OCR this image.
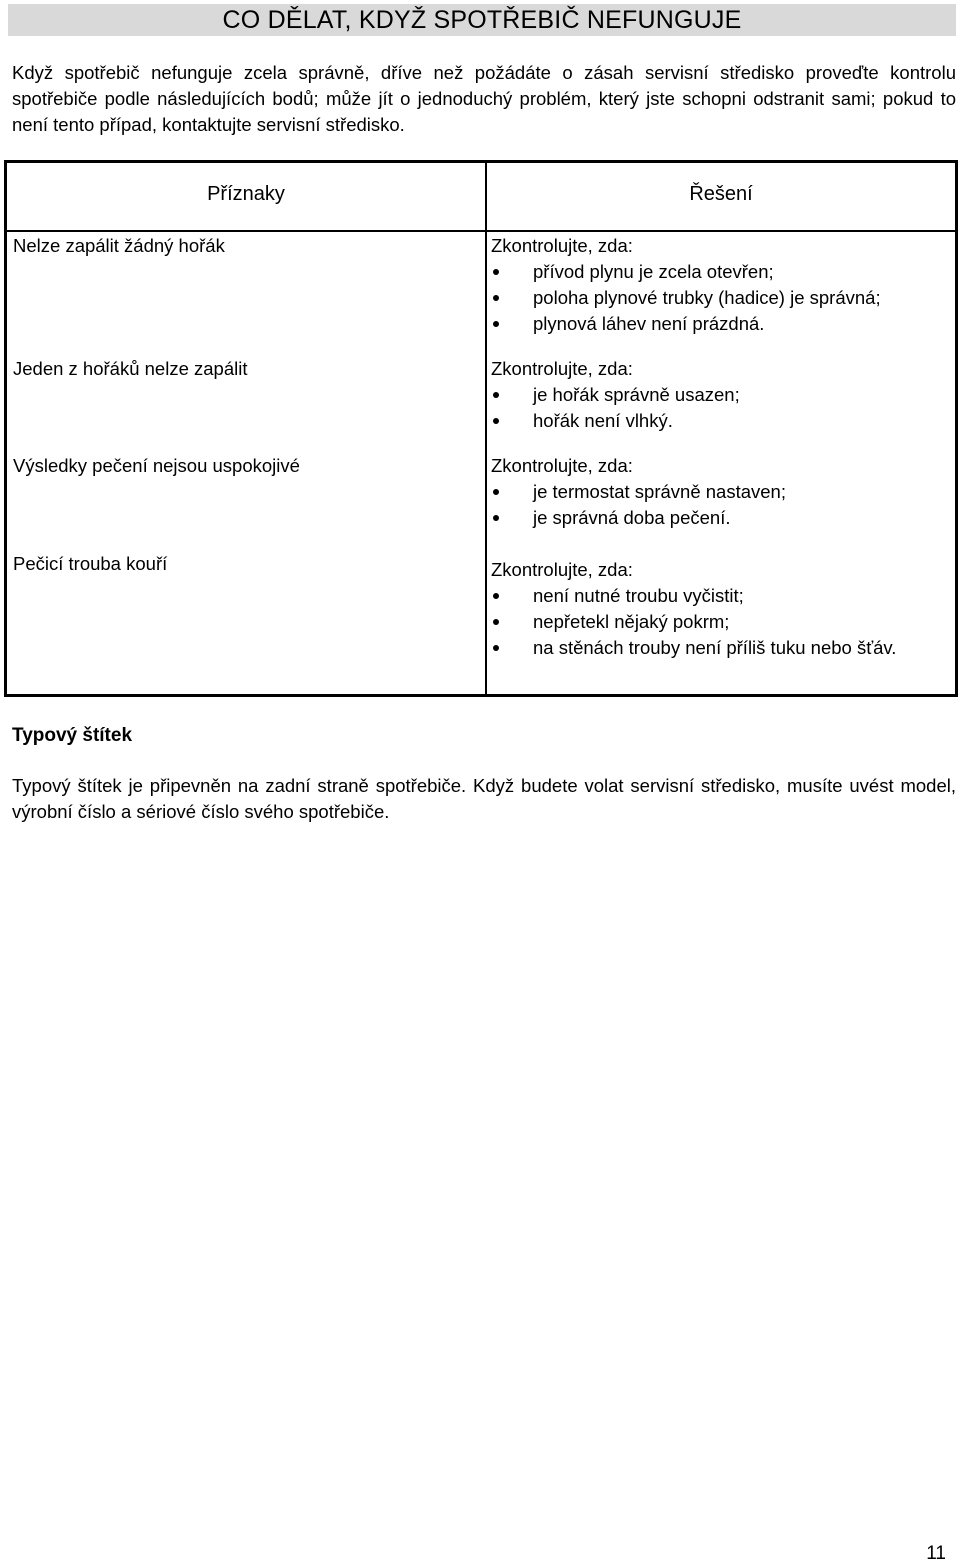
CO DĚLAT, KDYŽ SPOTŘEBIČ NEFUNGUJE

Když spotřebič nefunguje zcela správně, dříve než požádáte o zásah servisní středisko proveďte kontrolu spotřebiče podle následujících bodů; může jít o jednoduchý problém, který jste schopni odstranit sami; pokud to není tento případ, kontaktujte servisní středisko.

Příznaky	Řešení

Nelze zapálit žádný hořák	Zkontrolujte, zda:

přívod plynu je zcela otevřen;
poloha plynové trubky (hadice) je správná;
plynová láhev není prázdná.

Jeden z hořáků nelze zapálit	Zkontrolujte, zda:

je hořák správně usazen;
hořák není vlhký.

Výsledky pečení nejsou uspokojivé	Zkontrolujte, zda:

je termostat správně nastaven;
je správná doba pečení.

Pečicí trouba kouří	Zkontrolujte, zda:

není nutné troubu vyčistit;
nepřetekl nějaký pokrm;
na stěnách trouby není příliš tuku nebo šťáv.

Typový štítek

Typový štítek je připevněn na zadní straně spotřebiče. Když budete volat servisní středisko, musíte uvést model, výrobní číslo a sériové číslo svého spotřebiče.

11
